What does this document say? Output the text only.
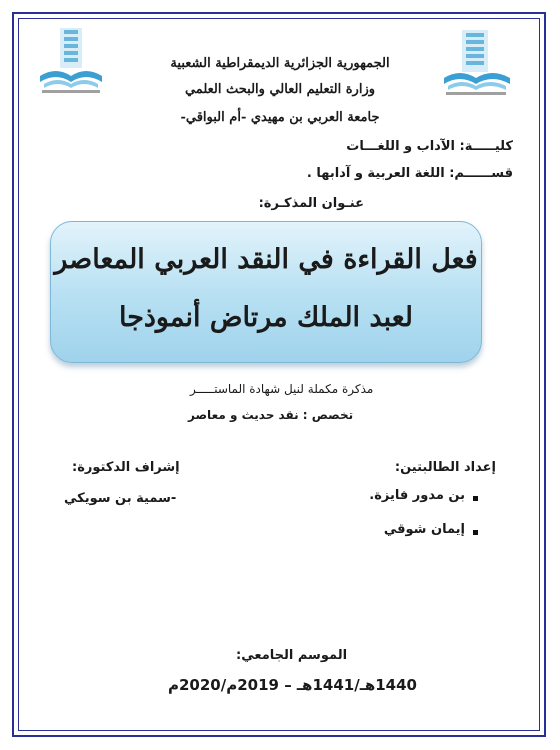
الجمهورية الجزائرية الديمقراطية الشعبية
وزارة التعليم العالي والبحث العلمي
جامعة العربي بن مهيدي -أم البواقي-
كليـــــة: الآداب و اللغـــات
قســــــم: اللغة العربية و آدابها .
عنـوان المذكـرة:
فعل القراءة في النقد العربي المعاصر
لعبد الملك مرتاض أنموذجا
مذكرة مكملة لنيل شهادة الماستـــــر
تخصص : نقد حديث و معاصر
إعداد الطالبتين:
بن مدور فايزة.
إيمان شوقي
إشراف الدكتورة:
-سمية بن سويكي
الموسم الجامعي:
1440هـ/1441هـ – 2019م/2020م
